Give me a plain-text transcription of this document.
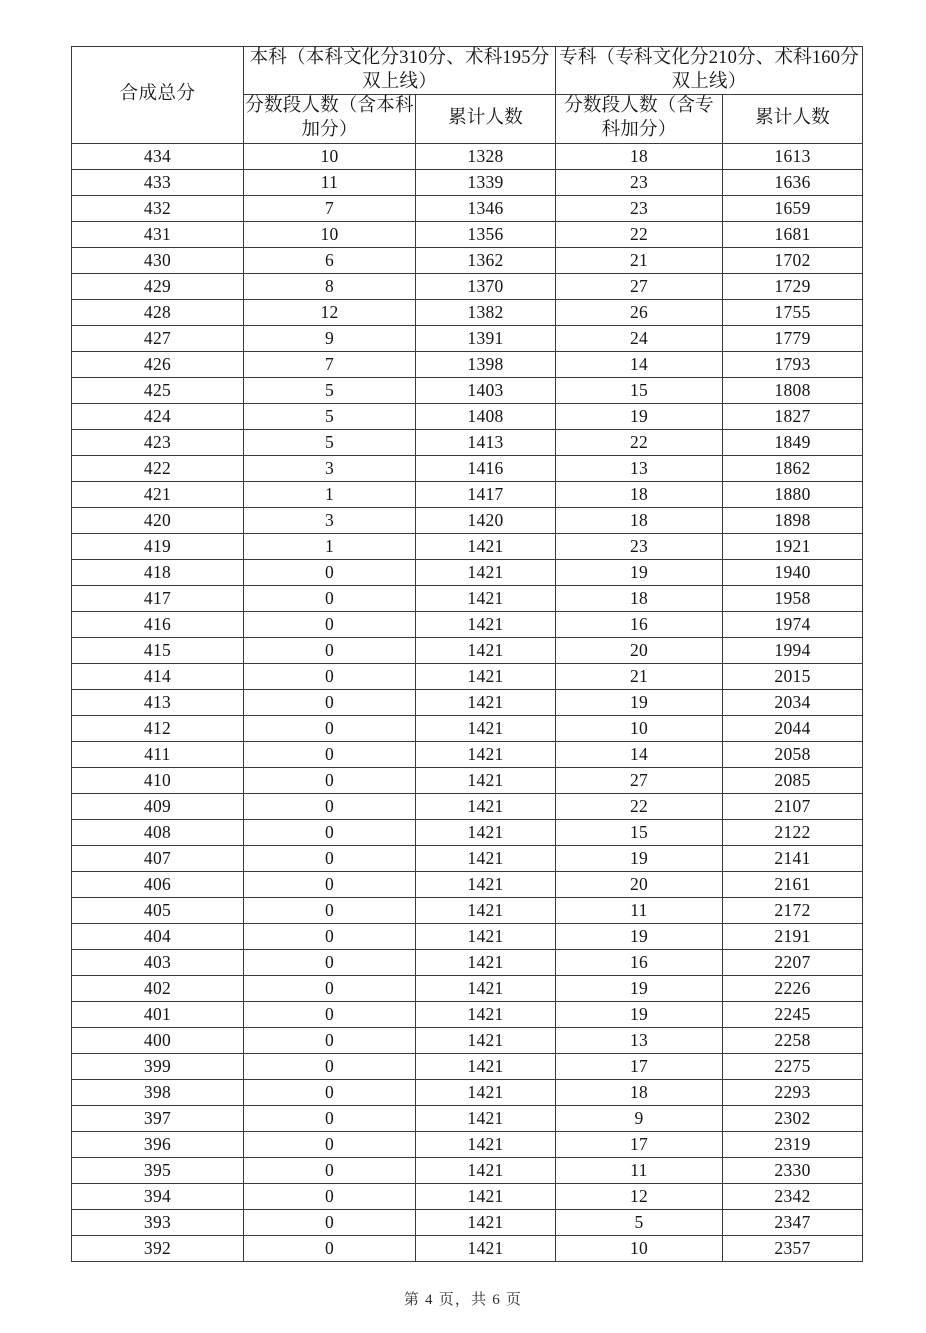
合成总分	本科（本科文化分310分、术科195分双上线）		专科（专科文化分210分、术科160分双上线）	
	分数段人数（含本科加分）	累计人数	分数段人数（含专科加分）	累计人数
434	10	1328	18	1613
433	11	1339	23	1636
432	7	1346	23	1659
431	10	1356	22	1681
430	6	1362	21	1702
429	8	1370	27	1729
428	12	1382	26	1755
427	9	1391	24	1779
426	7	1398	14	1793
425	5	1403	15	1808
424	5	1408	19	1827
423	5	1413	22	1849
422	3	1416	13	1862
421	1	1417	18	1880
420	3	1420	18	1898
419	1	1421	23	1921
418	0	1421	19	1940
417	0	1421	18	1958
416	0	1421	16	1974
415	0	1421	20	1994
414	0	1421	21	2015
413	0	1421	19	2034
412	0	1421	10	2044
411	0	1421	14	2058
410	0	1421	27	2085
409	0	1421	22	2107
408	0	1421	15	2122
407	0	1421	19	2141
406	0	1421	20	2161
405	0	1421	11	2172
404	0	1421	19	2191
403	0	1421	16	2207
402	0	1421	19	2226
401	0	1421	19	2245
400	0	1421	13	2258
399	0	1421	17	2275
398	0	1421	18	2293
397	0	1421	9	2302
396	0	1421	17	2319
395	0	1421	11	2330
394	0	1421	12	2342
393	0	1421	5	2347
392	0	1421	10	2357
第 4 页，共 6 页
